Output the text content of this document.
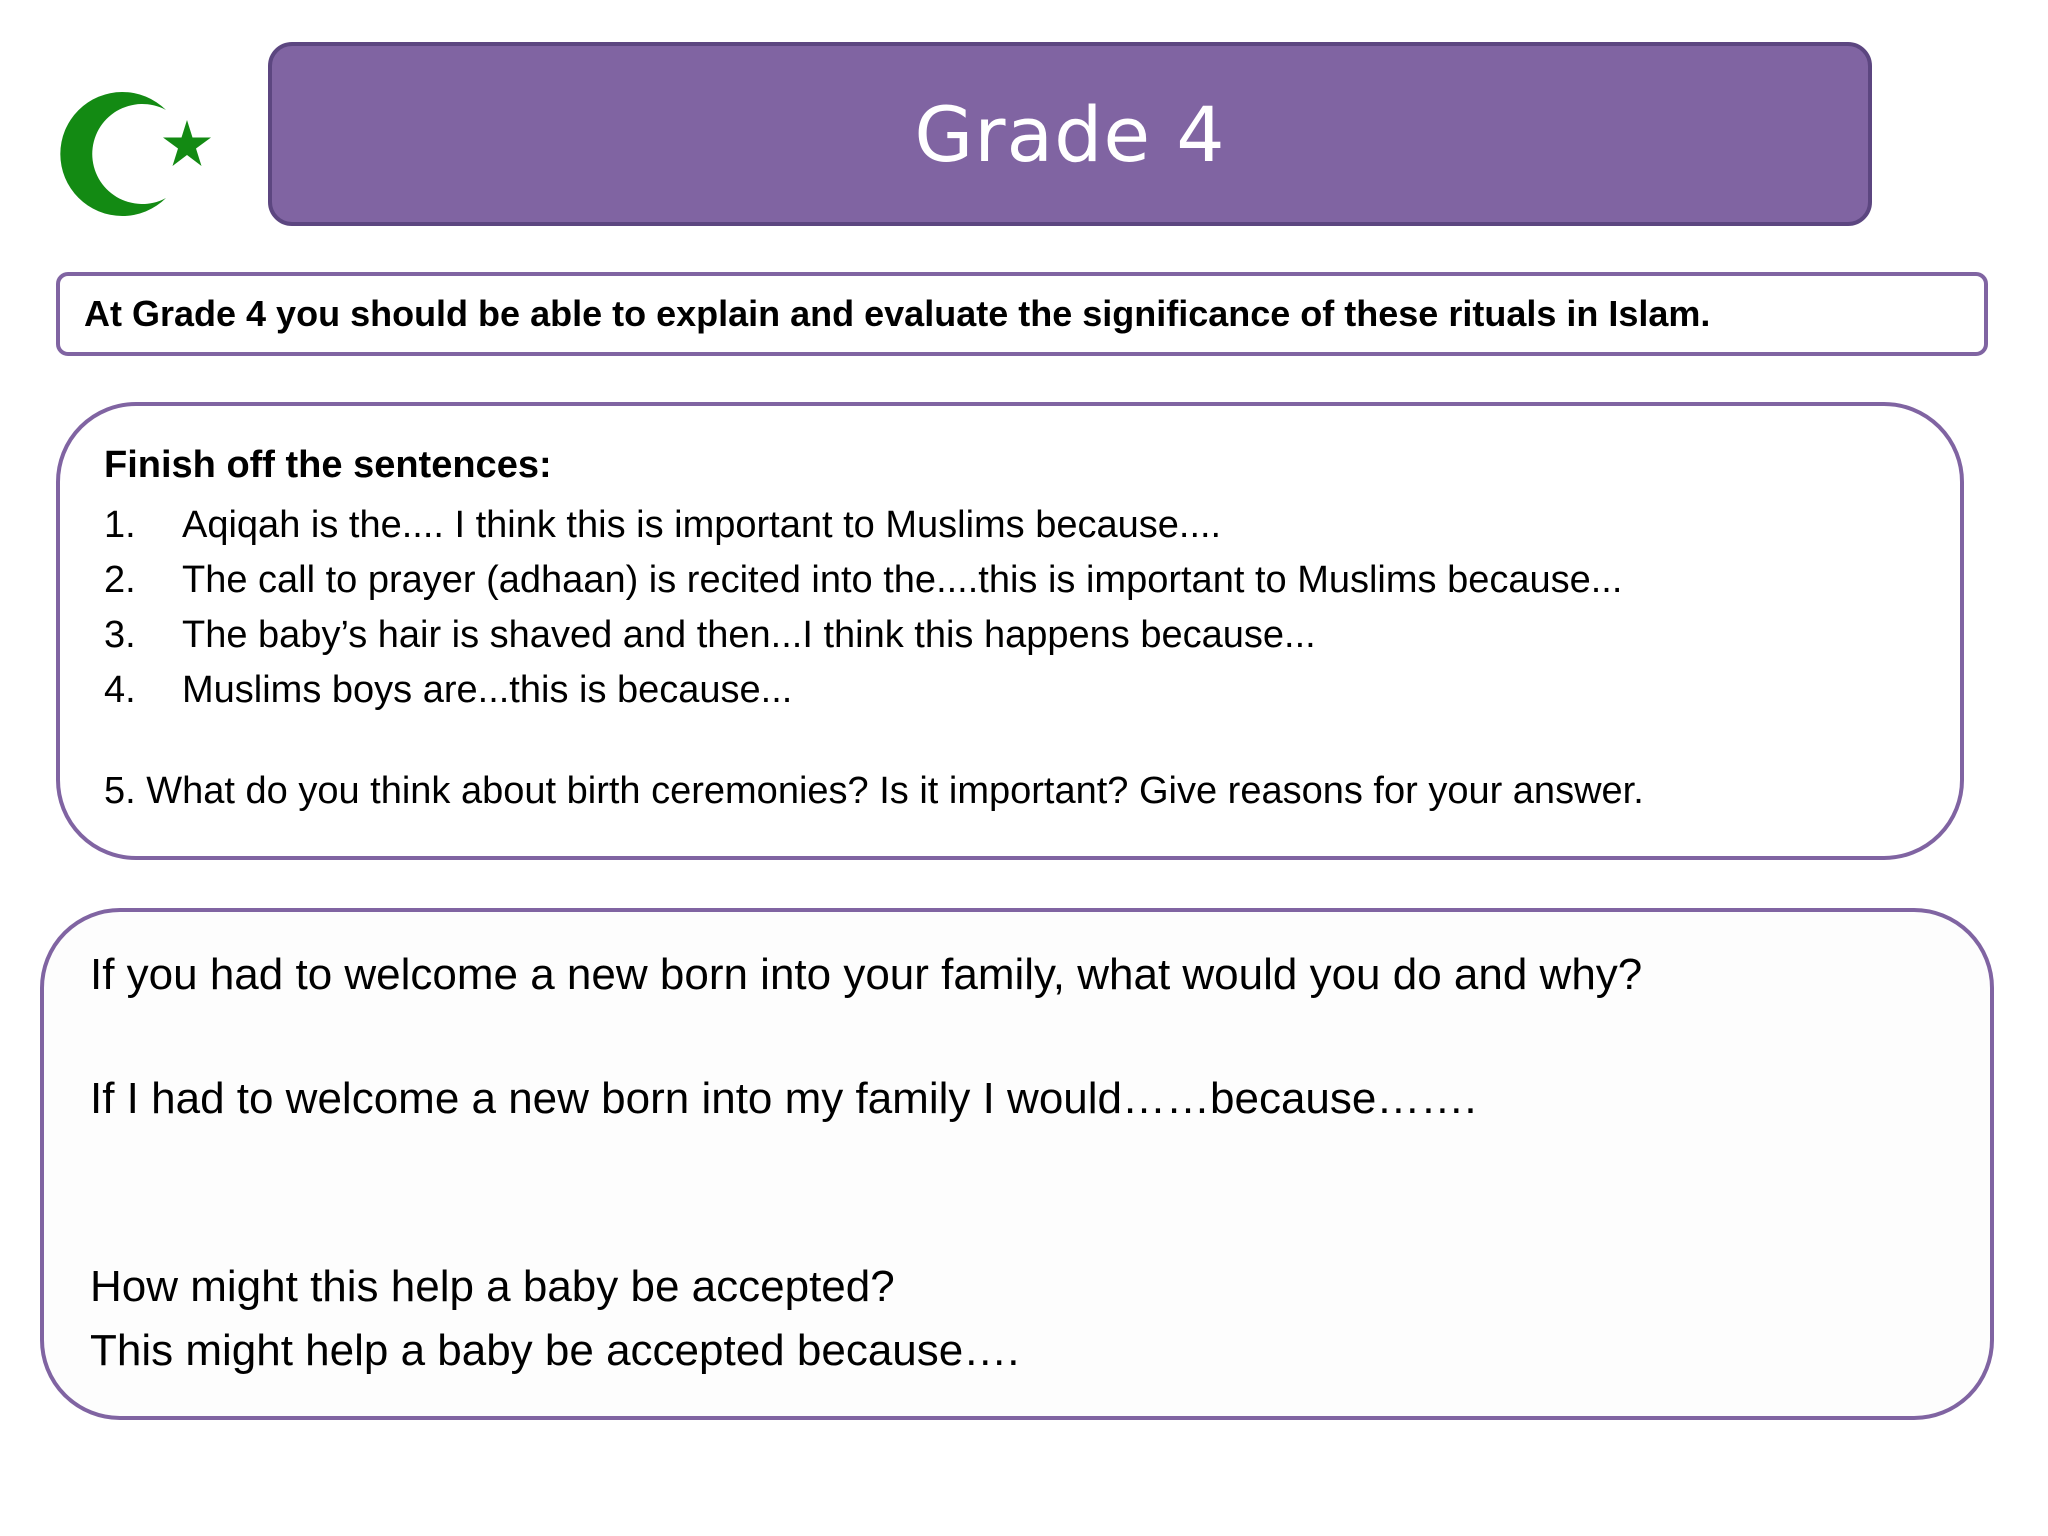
Grade 4
At Grade 4 you should be able to explain and evaluate the significance of these rituals in Islam.
Finish off the sentences:
1. Aqiqah is the.... I think this is important to Muslims because....
2. The call to prayer (adhaan) is recited into the....this is important to Muslims because...
3. The baby’s hair is shaved and then...I think this happens because...
4. Muslims boys are...this is because...
5. What do you think about birth ceremonies? Is it important? Give reasons for your answer.
If you had to welcome a new born into your family, what would you do and why?
If I had to welcome a new born into my family I would……because…….
How might this help a baby be accepted?
This might help a baby be accepted because….
